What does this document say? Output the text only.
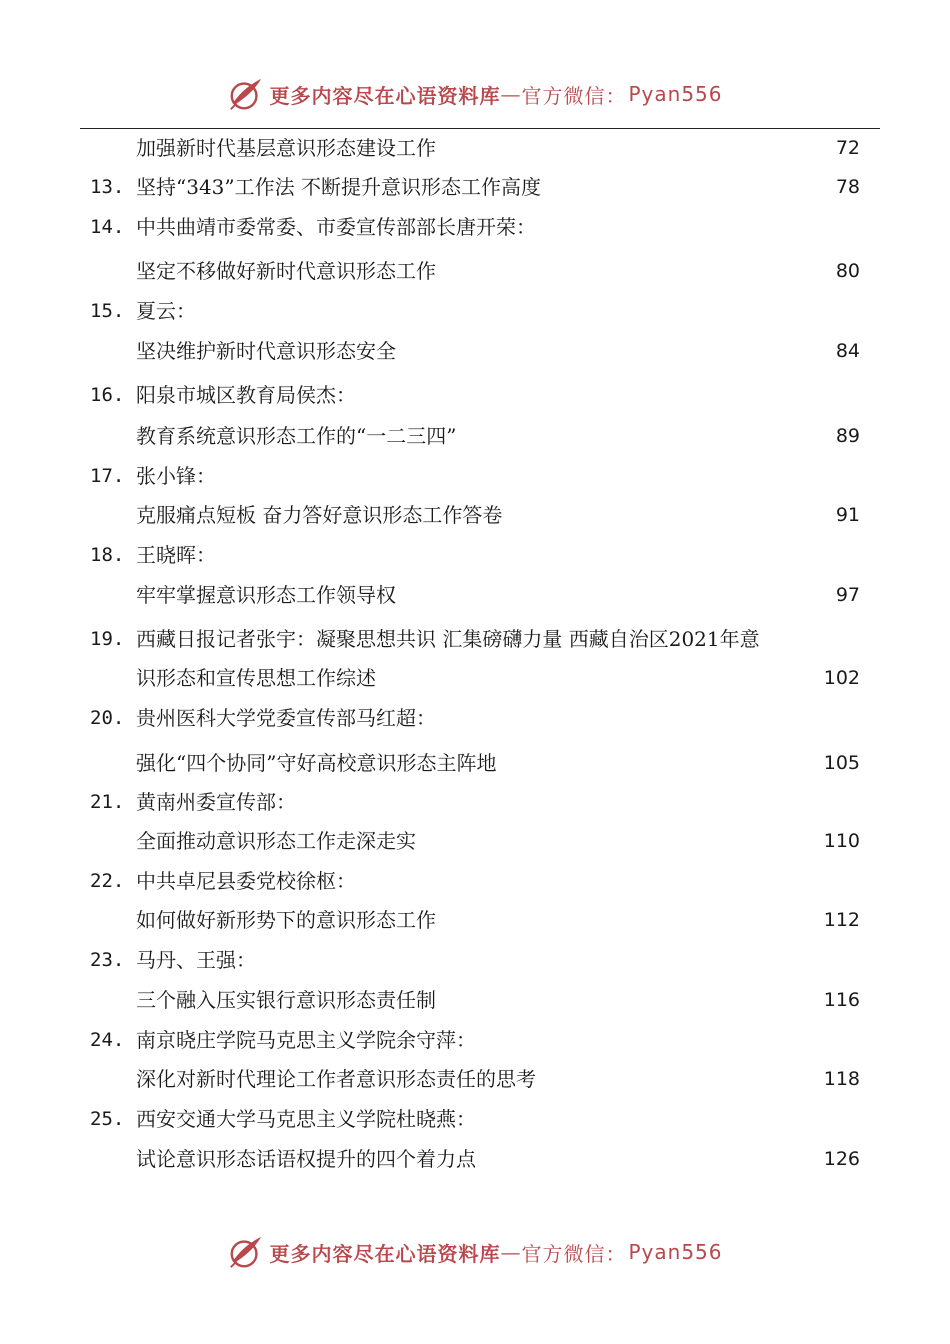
更多内容尽在心语资料库 — 官方微信： Pyan556
加强新时代基层意识形态建设工作	72
13. 坚持“343”工作法 不断提升意识形态工作高度	78
14. 中共曲靖市委常委、市委宣传部部长唐开荣：
坚定不移做好新时代意识形态工作	80
15. 夏云：
坚决维护新时代意识形态安全	84
16. 阳泉市城区教育局侯杰：
教育系统意识形态工作的“一二三四”	89
17. 张小锋：
克服痛点短板 奋力答好意识形态工作答卷	91
18. 王晓晖：
牢牢掌握意识形态工作领导权	97
19. 西藏日报记者张宇：凝聚思想共识 汇集磅礴力量 西藏自治区2021年意
识形态和宣传思想工作综述	102
20. 贵州医科大学党委宣传部马红超：
强化“四个协同”守好高校意识形态主阵地	105
21. 黄南州委宣传部：
全面推动意识形态工作走深走实	110
22. 中共卓尼县委党校徐枢：
如何做好新形势下的意识形态工作	112
23. 马丹、王强：
三个融入压实银行意识形态责任制	116
24. 南京晓庄学院马克思主义学院余守萍：
深化对新时代理论工作者意识形态责任的思考	118
25. 西安交通大学马克思主义学院杜晓燕：
试论意识形态话语权提升的四个着力点	126
更多内容尽在心语资料库 — 官方微信： Pyan556
